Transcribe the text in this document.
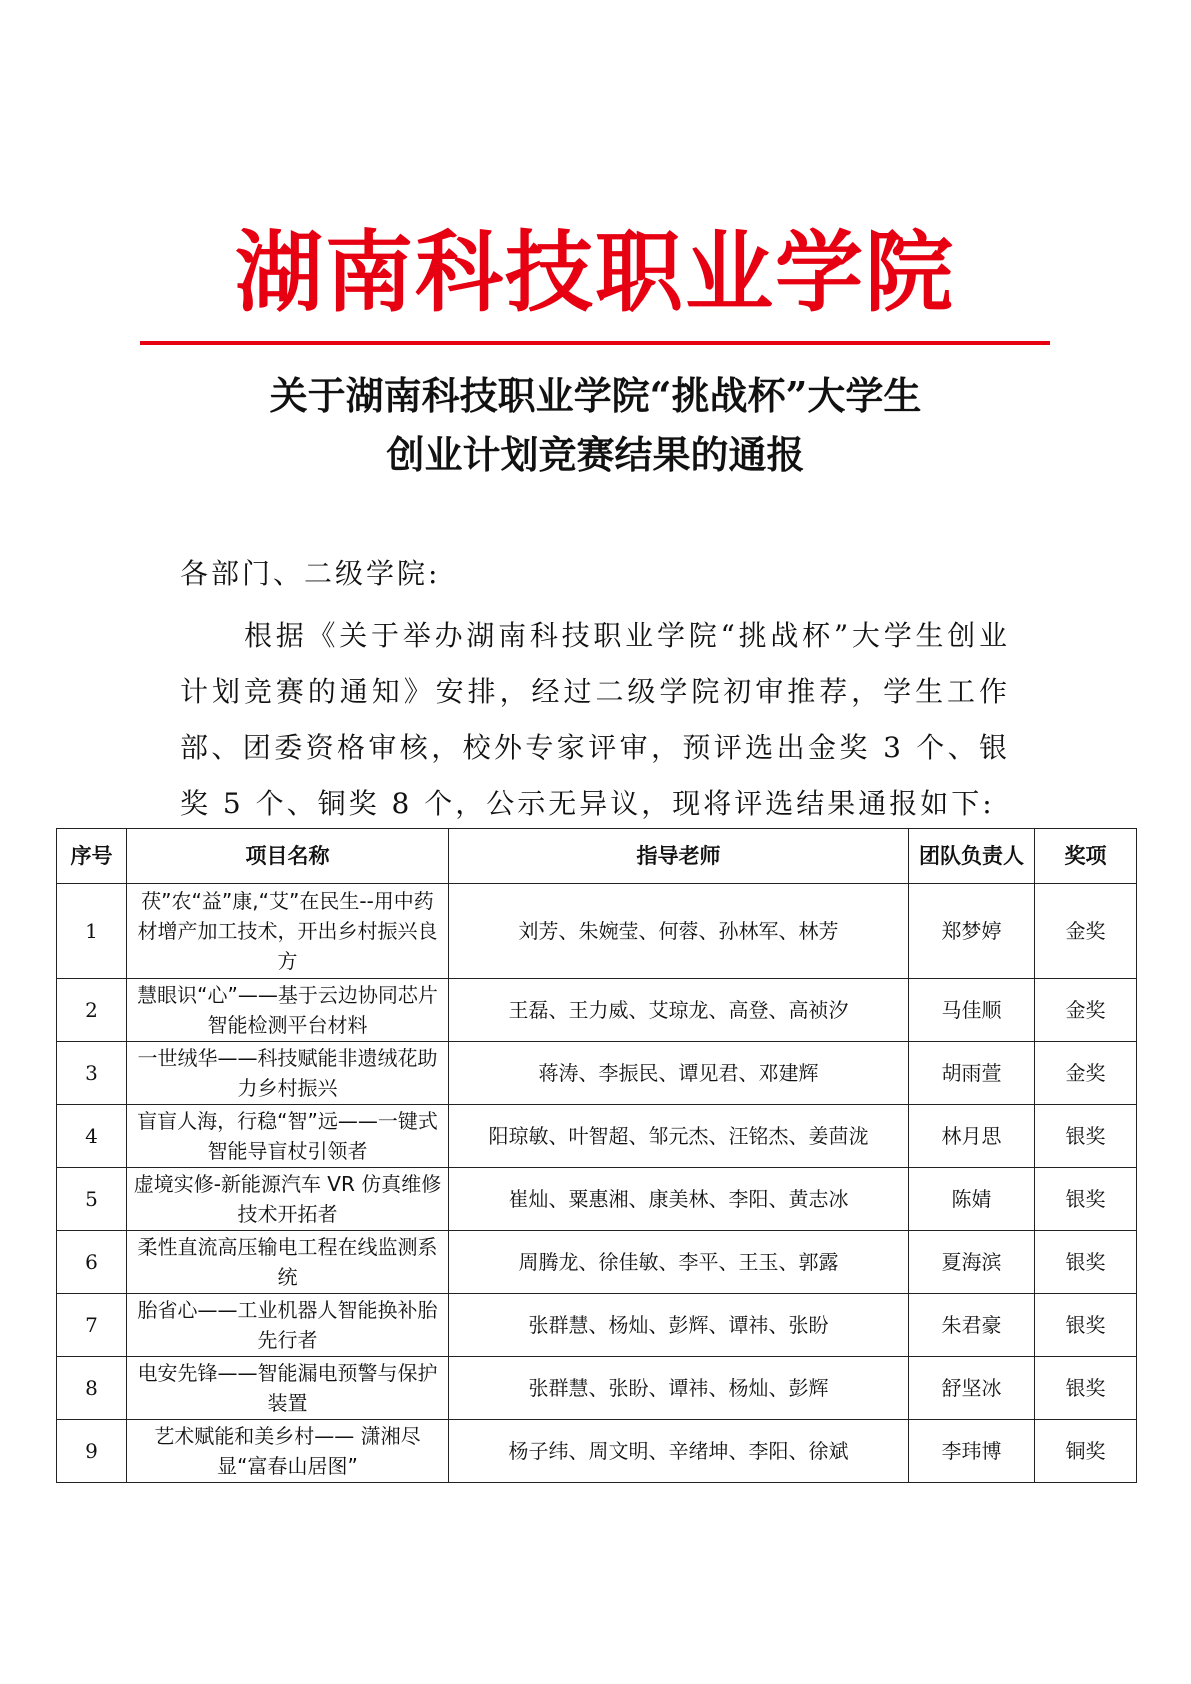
湖南科技职业学院
关于湖南科技职业学院“挑战杯”大学生
创业计划竞赛结果的通报
各部门、二级学院:
根据《关于举办湖南科技职业学院“挑战杯”大学生创业计划竞赛的通知》安排，经过二级学院初审推荐，学生工作部、团委资格审核，校外专家评审，预评选出金奖 3 个、银奖 5 个、铜奖 8 个，公示无异议，现将评选结果通报如下:
序号	项目名称	指导老师	团队负责人	奖项
1	茯”农“益”康,“艾”在民生--用中药材增产加工技术，开出乡村振兴良方	刘芳、朱婉莹、何蓉、孙林军、林芳	郑梦婷	金奖
2	慧眼识“心”——基于云边协同芯片智能检测平台材料	王磊、王力威、艾琼龙、高登、高祯汐	马佳顺	金奖
3	一世绒华——科技赋能非遗绒花助力乡村振兴	蒋涛、李振民、谭见君、邓建辉	胡雨萱	金奖
4	盲盲人海，行稳“智”远——一键式智能导盲杖引领者	阳琼敏、叶智超、邹元杰、汪铭杰、姜茴泷	林月思	银奖
5	虚境实修-新能源汽车 VR 仿真维修技术开拓者	崔灿、粟惠湘、康美林、李阳、黄志冰	陈婧	银奖
6	柔性直流高压输电工程在线监测系统	周腾龙、徐佳敏、李平、王玉、郭露	夏海滨	银奖
7	胎省心——工业机器人智能换补胎先行者	张群慧、杨灿、彭辉、谭祎、张盼	朱君豪	银奖
8	电安先锋——智能漏电预警与保护装置	张群慧、张盼、谭祎、杨灿、彭辉	舒坚冰	银奖
9	艺术赋能和美乡村—— 潇湘尽显“富春山居图”	杨子纬、周文明、辛绪坤、李阳、徐斌	李玮博	铜奖
